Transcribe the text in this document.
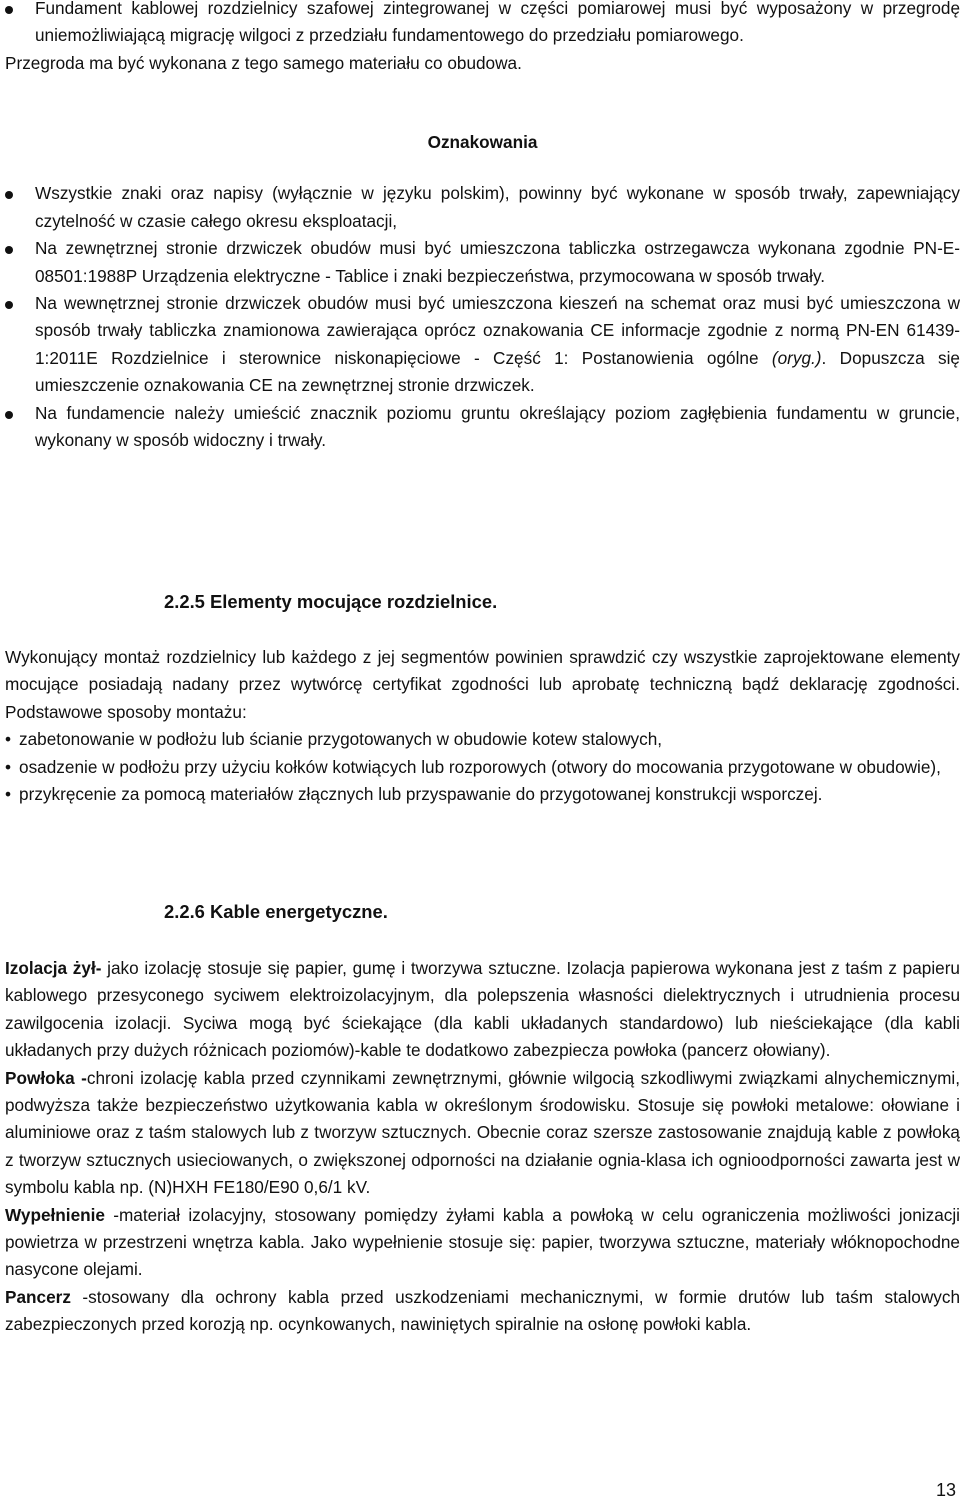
Fundament kablowej rozdzielnicy szafowej zintegrowanej w części pomiarowej musi być wyposażony w przegrodę uniemożliwiającą migrację wilgoci z przedziału fundamentowego do przedziału pomiarowego.

Przegroda ma być wykonana z tego samego materiału co obudowa.

Oznakowania
Wszystkie znaki oraz napisy (wyłącznie w języku polskim), powinny być wykonane w sposób trwały, zapewniający czytelność w czasie całego okresu eksploatacji,
Na zewnętrznej stronie drzwiczek obudów musi być umieszczona tabliczka ostrzegawcza wykonana zgodnie PN-E-08501:1988P Urządzenia elektryczne - Tablice i znaki bezpieczeństwa, przymocowana w sposób trwały.
Na wewnętrznej stronie drzwiczek obudów musi być umieszczona kieszeń na schemat oraz musi być umieszczona w sposób trwały tabliczka znamionowa zawierająca oprócz oznakowania CE informacje zgodnie z normą PN-EN 61439-1:2011E Rozdzielnice i sterownice niskonapięciowe - Część 1: Postanowienia ogólne (oryg.). Dopuszcza się umieszczenie oznakowania CE na zewnętrznej stronie drzwiczek.
Na fundamencie należy umieścić znacznik poziomu gruntu określający poziom zagłębienia fundamentu w gruncie, wykonany w sposób widoczny i trwały.
2.2.5 Elementy mocujące rozdzielnice.

Wykonujący montaż rozdzielnicy lub każdego z jej segmentów powinien sprawdzić czy wszystkie zaprojektowane elementy mocujące posiadają nadany przez wytwórcę certyfikat zgodności lub aprobatę techniczną bądź deklarację zgodności. Podstawowe sposoby montażu:

• zabetonowanie w podłożu lub ścianie przygotowanych w obudowie kotew stalowych,

• osadzenie w podłożu przy użyciu kołków kotwiących lub rozporowych (otwory do mocowania przygotowane w obudowie),

• przykręcenie za pomocą materiałów złącznych lub przyspawanie do przygotowanej konstrukcji wsporczej.

2.2.6 Kable energetyczne.

Izolacja żył- jako izolację stosuje się papier, gumę i tworzywa sztuczne. Izolacja papierowa wykonana jest z taśm z papieru kablowego przesyconego syciwem elektroizolacyjnym, dla polepszenia własności dielektrycznych i utrudnienia procesu zawilgocenia izolacji. Syciwa mogą być ściekające (dla kabli układanych standardowo) lub nieściekające (dla kabli układanych przy dużych różnicach poziomów)-kable te dodatkowo zabezpiecza powłoka (pancerz ołowiany).

Powłoka -chroni izolację kabla przed czynnikami zewnętrznymi, głównie wilgocią szkodliwymi związkami alnychemicznymi, podwyższa także bezpieczeństwo użytkowania kabla w określonym środowisku. Stosuje się powłoki metalowe: ołowiane i aluminiowe oraz z taśm stalowych lub z tworzyw sztucznych. Obecnie coraz szersze zastosowanie znajdują kable z powłoką z tworzyw sztucznych usieciowanych, o zwiększonej odporności na działanie ognia-klasa ich ognioodporności zawarta jest w symbolu kabla np. (N)HXH FE180/E90 0,6/1 kV.

Wypełnienie -materiał izolacyjny, stosowany pomiędzy żyłami kabla a powłoką w celu ograniczenia możliwości jonizacji powietrza w przestrzeni wnętrza kabla. Jako wypełnienie stosuje się: papier, tworzywa sztuczne, materiały włóknopochodne nasycone olejami.

Pancerz -stosowany dla ochrony kabla przed uszkodzeniami mechanicznymi, w formie drutów lub taśm stalowych zabezpieczonych przed korozją np. ocynkowanych, nawiniętych spiralnie na osłonę powłoki kabla.

13
